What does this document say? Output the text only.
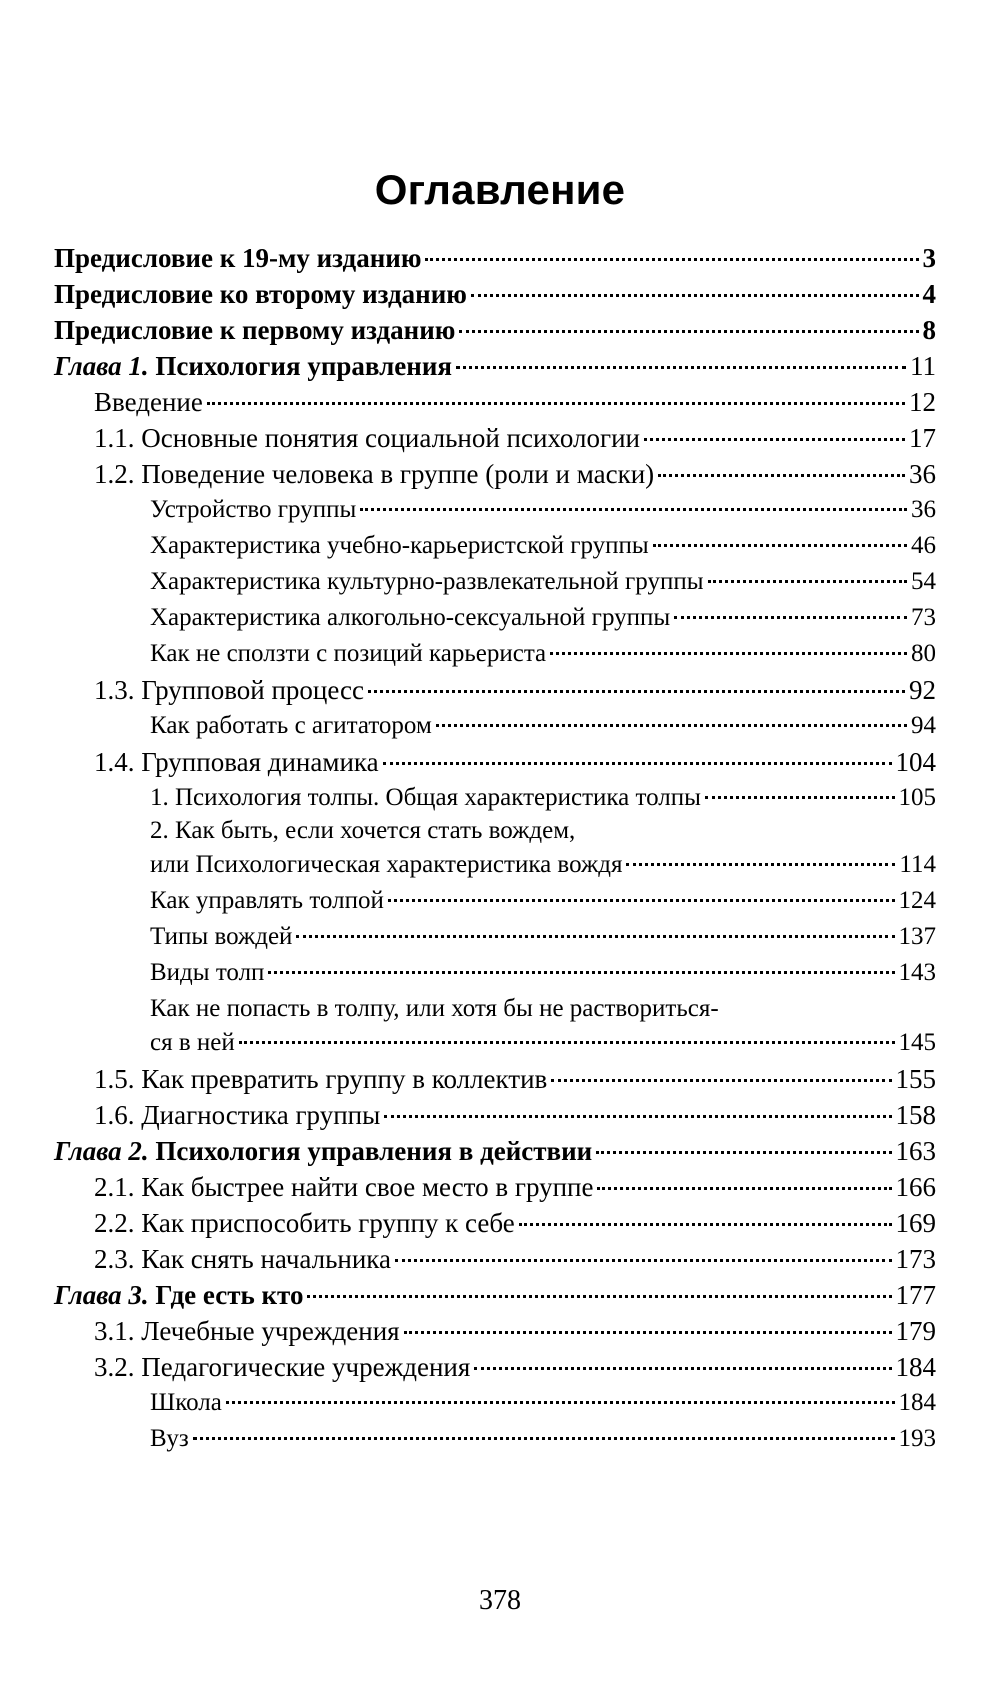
Оглавление
Предисловие к 19-му изданию	3
Предисловие ко второму изданию	4
Предисловие к первому изданию	8
Глава 1. Психология управления	11
Введение	12
1.1. Основные понятия социальной психологии	17
1.2. Поведение человека в группе (роли и маски)	36
Устройство группы	36
Характеристика учебно-карьеристской группы	46
Характеристика культурно-развлекательной группы	54
Характеристика алкогольно-сексуальной группы	73
Как не сползти с позиций карьериста	80
1.3. Групповой процесс	92
Как работать с агитатором	94
1.4. Групповая динамика	104
1. Психология толпы. Общая характеристика толпы	105
2. Как быть, если хочется стать вождем,
или Психологическая характеристика вождя	114
Как управлять толпой	124
Типы вождей	137
Виды толп	143
Как не попасть в толпу, или хотя бы не раствориться-
ся в ней	145
1.5. Как превратить группу в коллектив	155
1.6. Диагностика группы	158
Глава 2. Психология управления в действии	163
2.1. Как быстрее найти свое место в группе	166
2.2. Как приспособить группу к себе	169
2.3. Как снять начальника	173
Глава 3. Где есть кто	177
3.1. Лечебные учреждения	179
3.2. Педагогические учреждения	184
Школа	184
Вуз	193
378
